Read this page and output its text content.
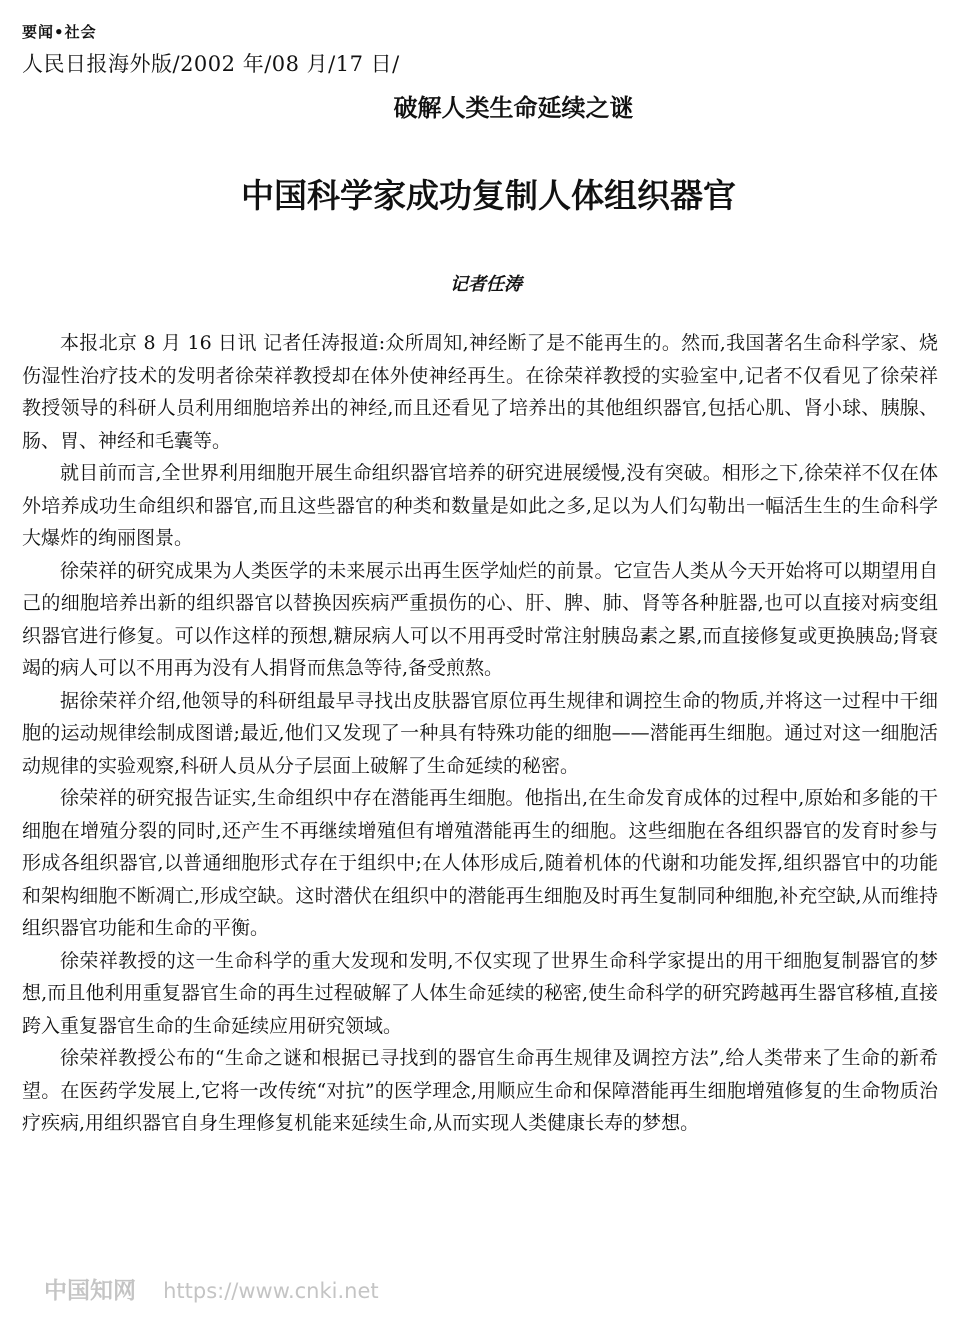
要闻•社会
人民日报海外版/2002 年/08 月/17 日/
破解人类生命延续之谜
中国科学家成功复制人体组织器官
记者任涛

本报北京 8 月 16 日讯 记者任涛报道:众所周知,神经断了是不能再生的。然而,我国著名生命科学家、烧伤湿性治疗技术的发明者徐荣祥教授却在体外使神经再生。在徐荣祥教授的实验室中,记者不仅看见了徐荣祥教授领导的科研人员利用细胞培养出的神经,而且还看见了培养出的其他组织器官,包括心肌、肾小球、胰腺、肠、胃、神经和毛囊等。

就目前而言,全世界利用细胞开展生命组织器官培养的研究进展缓慢,没有突破。相形之下,徐荣祥不仅在体外培养成功生命组织和器官,而且这些器官的种类和数量是如此之多,足以为人们勾勒出一幅活生生的生命科学大爆炸的绚丽图景。

徐荣祥的研究成果为人类医学的未来展示出再生医学灿烂的前景。它宣告人类从今天开始将可以期望用自己的细胞培养出新的组织器官以替换因疾病严重损伤的心、肝、脾、肺、肾等各种脏器,也可以直接对病变组织器官进行修复。可以作这样的预想,糖尿病人可以不用再受时常注射胰岛素之累,而直接修复或更换胰岛;肾衰竭的病人可以不用再为没有人捐肾而焦急等待,备受煎熬。

据徐荣祥介绍,他领导的科研组最早寻找出皮肤器官原位再生规律和调控生命的物质,并将这一过程中干细胞的运动规律绘制成图谱;最近,他们又发现了一种具有特殊功能的细胞——潜能再生细胞。通过对这一细胞活动规律的实验观察,科研人员从分子层面上破解了生命延续的秘密。

徐荣祥的研究报告证实,生命组织中存在潜能再生细胞。他指出,在生命发育成体的过程中,原始和多能的干细胞在增殖分裂的同时,还产生不再继续增殖但有增殖潜能再生的细胞。这些细胞在各组织器官的发育时参与形成各组织器官,以普通细胞形式存在于组织中;在人体形成后,随着机体的代谢和功能发挥,组织器官中的功能和架构细胞不断凋亡,形成空缺。这时潜伏在组织中的潜能再生细胞及时再生复制同种细胞,补充空缺,从而维持组织器官功能和生命的平衡。

徐荣祥教授的这一生命科学的重大发现和发明,不仅实现了世界生命科学家提出的用干细胞复制器官的梦想,而且他利用重复器官生命的再生过程破解了人体生命延续的秘密,使生命科学的研究跨越再生器官移植,直接跨入重复器官生命的生命延续应用研究领域。

徐荣祥教授公布的“生命之谜和根据已寻找到的器官生命再生规律及调控方法”,给人类带来了生命的新希望。在医药学发展上,它将一改传统“对抗”的医学理念,用顺应生命和保障潜能再生细胞增殖修复的生命物质治疗疾病,用组织器官自身生理修复机能来延续生命,从而实现人类健康长寿的梦想。

中国知网 https://www.cnki.net
